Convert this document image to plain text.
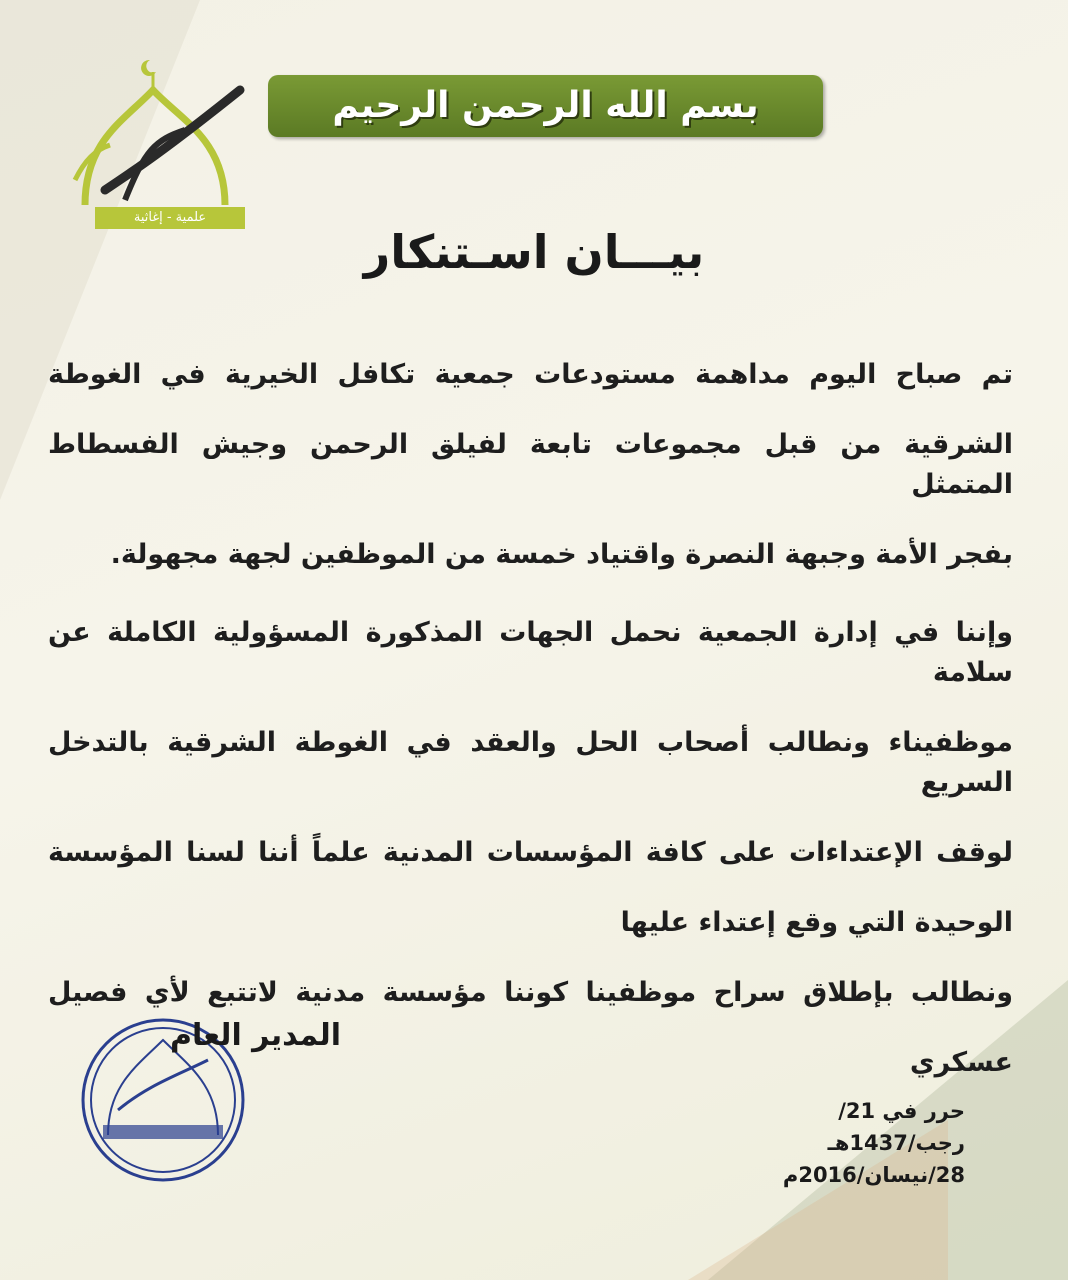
علمية - إغاثية
بسم الله الرحمن الرحيم
بيـــان اسـتنكار
تم صباح اليوم مداهمة مستودعات جمعية تكافل الخيرية في الغوطة
الشرقية من قبل مجموعات تابعة لفيلق الرحمن وجيش الفسطاط المتمثل
بفجر الأمة وجبهة النصرة واقتياد خمسة من الموظفين لجهة مجهولة.
وإننا في إدارة الجمعية نحمل الجهات المذكورة المسؤولية الكاملة عن سلامة
موظفيناء ونطالب أصحاب الحل والعقد في الغوطة الشرقية بالتدخل السريع
لوقف الإعتداءات على كافة المؤسسات المدنية علماً أننا لسنا المؤسسة
الوحيدة التي وقع إعتداء عليها
ونطالب بإطلاق سراح موظفينا كوننا مؤسسة مدنية لاتتبع لأي فصيل
عسكري
المدير العام
حرر في 21/رجب/1437هـ
28/نيسان/2016م
